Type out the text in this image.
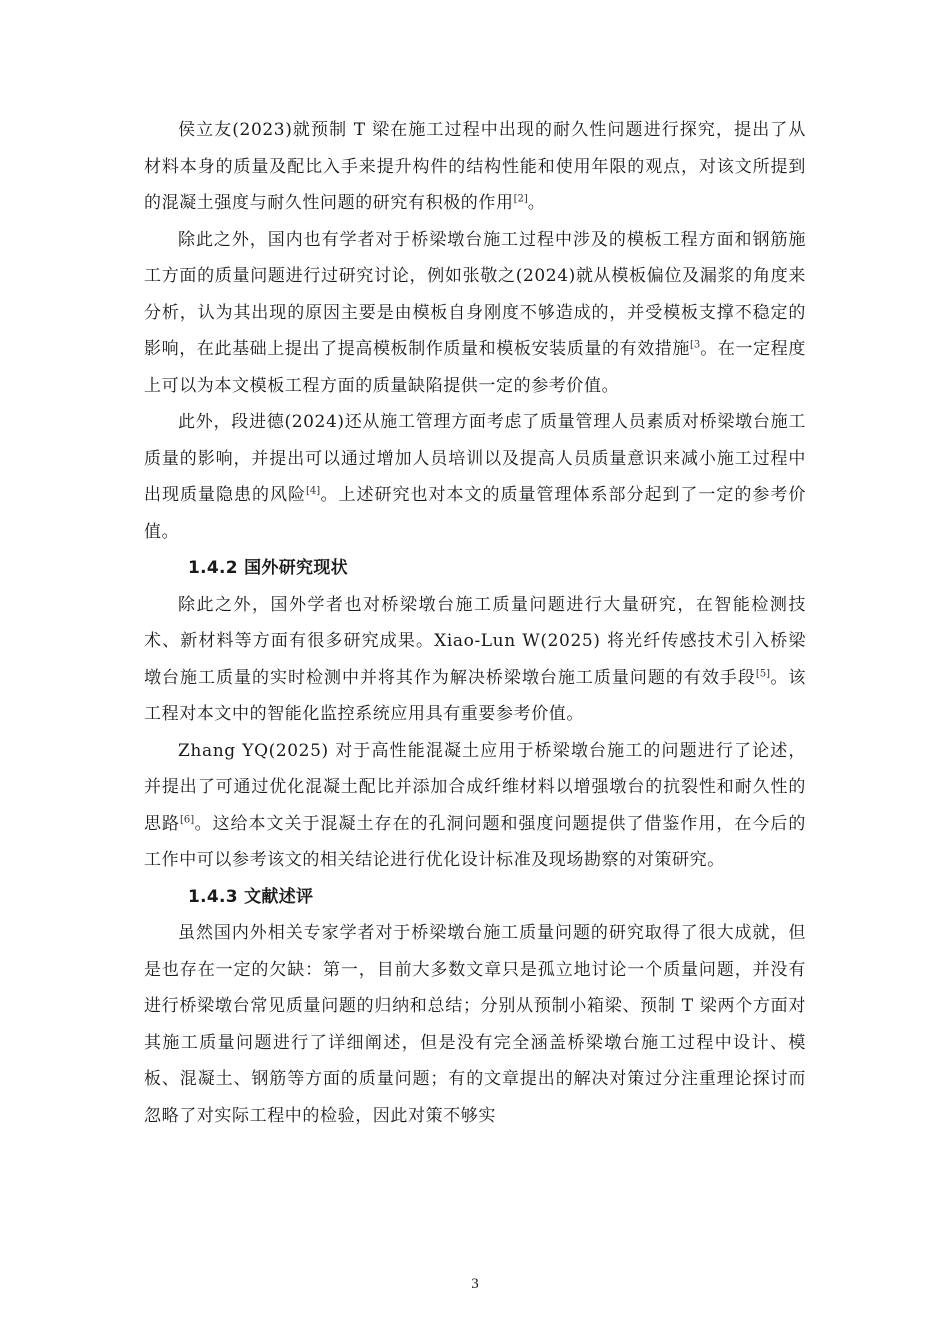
侯立友(2023)就预制 T 梁在施工过程中出现的耐久性问题进行探究，提出了从材料本身的质量及配比入手来提升构件的结构性能和使用年限的观点，对该文所提到的混凝土强度与耐久性问题的研究有积极的作用[2]。

除此之外，国内也有学者对于桥梁墩台施工过程中涉及的模板工程方面和钢筋施工方面的质量问题进行过研究讨论，例如张敬之(2024)就从模板偏位及漏浆的角度来分析，认为其出现的原因主要是由模板自身刚度不够造成的，并受模板支撑不稳定的影响，在此基础上提出了提高模板制作质量和模板安装质量的有效措施$^{[3}$。在一定程度上可以为本文模板工程方面的质量缺陷提供一定的参考价值。

此外，段进德(2024)还从施工管理方面考虑了质量管理人员素质对桥梁墩台施工质量的影响，并提出可以通过增加人员培训以及提高人员质量意识来减小施工过程中出现质量隐患的风险[4]。上述研究也对本文的质量管理体系部分起到了一定的参考价值。

1.4.2 国外研究现状

除此之外，国外学者也对桥梁墩台施工质量问题进行大量研究，在智能检测技术、新材料等方面有很多研究成果。Xiao-Lun W(2025) 将光纤传感技术引入桥梁墩台施工质量的实时检测中并将其作为解决桥梁墩台施工质量问题的有效手段[5]。该工程对本文中的智能化监控系统应用具有重要参考价值。

Zhang YQ(2025) 对于高性能混凝土应用于桥梁墩台施工的问题进行了论述，并提出了可通过优化混凝土配比并添加合成纤维材料以增强墩台的抗裂性和耐久性的思路[6]。这给本文关于混凝土存在的孔洞问题和强度问题提供了借鉴作用，在今后的工作中可以参考该文的相关结论进行优化设计标准及现场勘察的对策研究。

1.4.3 文献述评

虽然国内外相关专家学者对于桥梁墩台施工质量问题的研究取得了很大成就，但是也存在一定的欠缺：第一，目前大多数文章只是孤立地讨论一个质量问题，并没有进行桥梁墩台常见质量问题的归纳和总结；分别从预制小箱梁、预制 T 梁两个方面对其施工质量问题进行了详细阐述，但是没有完全涵盖桥梁墩台施工过程中设计、模板、混凝土、钢筋等方面的质量问题；有的文章提出的解决对策过分注重理论探讨而忽略了对实际工程中的检验，因此对策不够实

3
